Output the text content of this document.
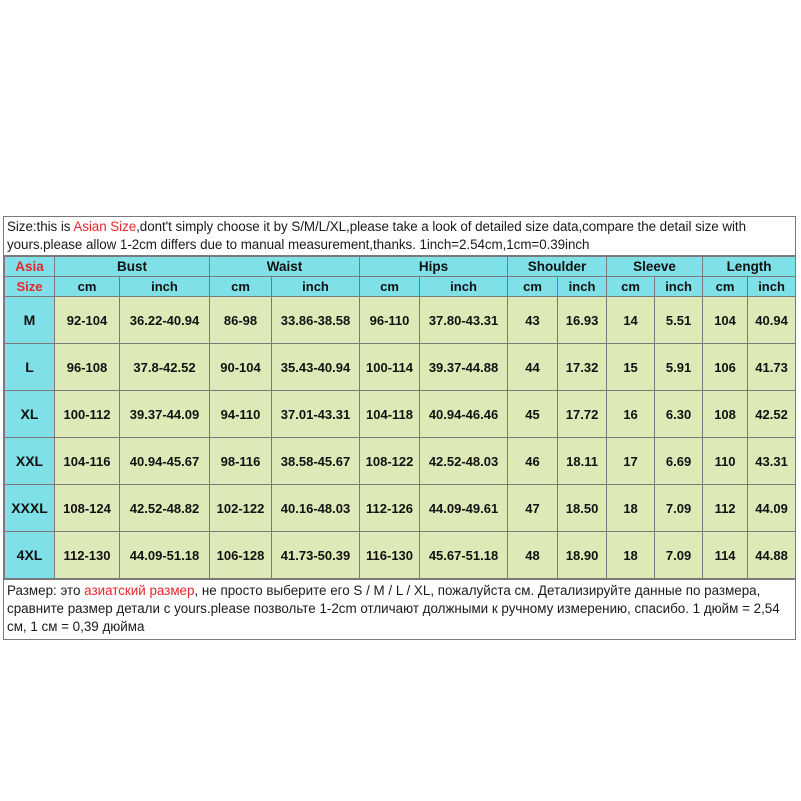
Size:this is Asian Size,dont't simply choose it by S/M/L/XL,please take a look of detailed size data,compare the detail size with yours.please allow 1-2cm differs due to manual measurement,thanks. 1inch=2.54cm,1cm=0.39inch
Asia	Bust		Waist		Hips		Shoulder		Sleeve		Length	
Size	cm	inch	cm	inch	cm	inch	cm	inch	cm	inch	cm	inch
M	92-104	36.22-40.94	86-98	33.86-38.58	96-110	37.80-43.31	43	16.93	14	5.51	104	40.94
L	96-108	37.8-42.52	90-104	35.43-40.94	100-114	39.37-44.88	44	17.32	15	5.91	106	41.73
XL	100-112	39.37-44.09	94-110	37.01-43.31	104-118	40.94-46.46	45	17.72	16	6.30	108	42.52
XXL	104-116	40.94-45.67	98-116	38.58-45.67	108-122	42.52-48.03	46	18.11	17	6.69	110	43.31
XXXL	108-124	42.52-48.82	102-122	40.16-48.03	112-126	44.09-49.61	47	18.50	18	7.09	112	44.09
4XL	112-130	44.09-51.18	106-128	41.73-50.39	116-130	45.67-51.18	48	18.90	18	7.09	114	44.88
Размер: это азиатский размер, не просто выберите его S / M / L / XL, пожалуйста см. Детализируйте данные по размера, сравните размер детали с yours.please позвольте 1-2cm отличают должными к ручному измерению, спасибо. 1 дюйм = 2,54 см, 1 см = 0,39 дюйма
